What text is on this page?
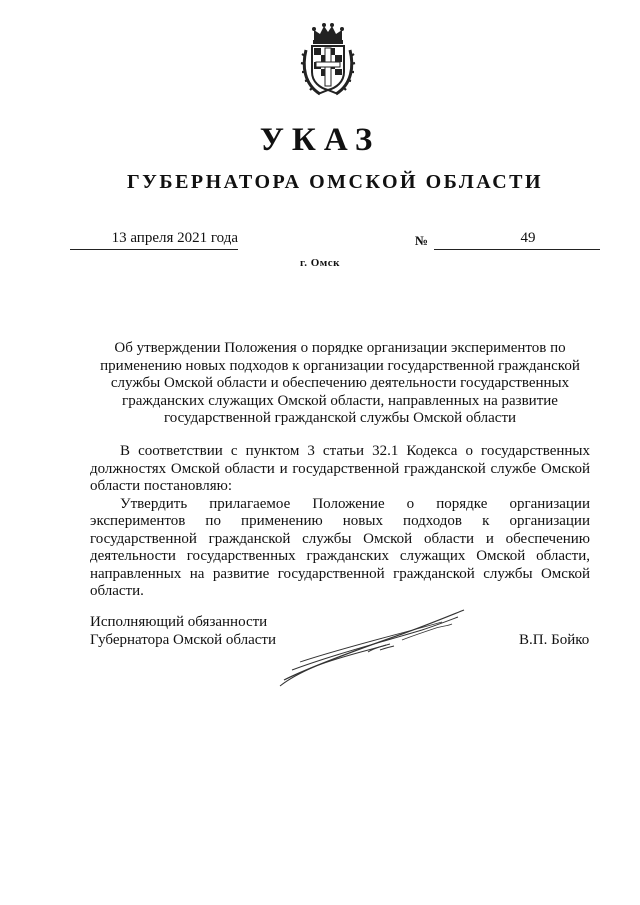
УКАЗ
ГУБЕРНАТОРА ОМСКОЙ ОБЛАСТИ
13 апреля 2021 года	№	49
г. Омск
Об утверждении Положения о порядке организации экспериментов по
применению новых подходов к организации государственной гражданской
службы Омской области и обеспечению деятельности государственных
гражданских служащих Омской области, направленных на развитие
государственной гражданской службы Омской области
В соответствии с пунктом 3 статьи 32.1 Кодекса о государственных
должностях Омской области и государственной гражданской службе Омской
области постановляю:
Утвердить прилагаемое Положение о порядке организации
экспериментов по применению новых подходов к организации
государственной гражданской службы Омской области и обеспечению
деятельности государственных гражданских служащих Омской области,
направленных на развитие государственной гражданской службы Омской
области.
Исполняющий обязанности
Губернатора Омской области	В.П. Бойко
